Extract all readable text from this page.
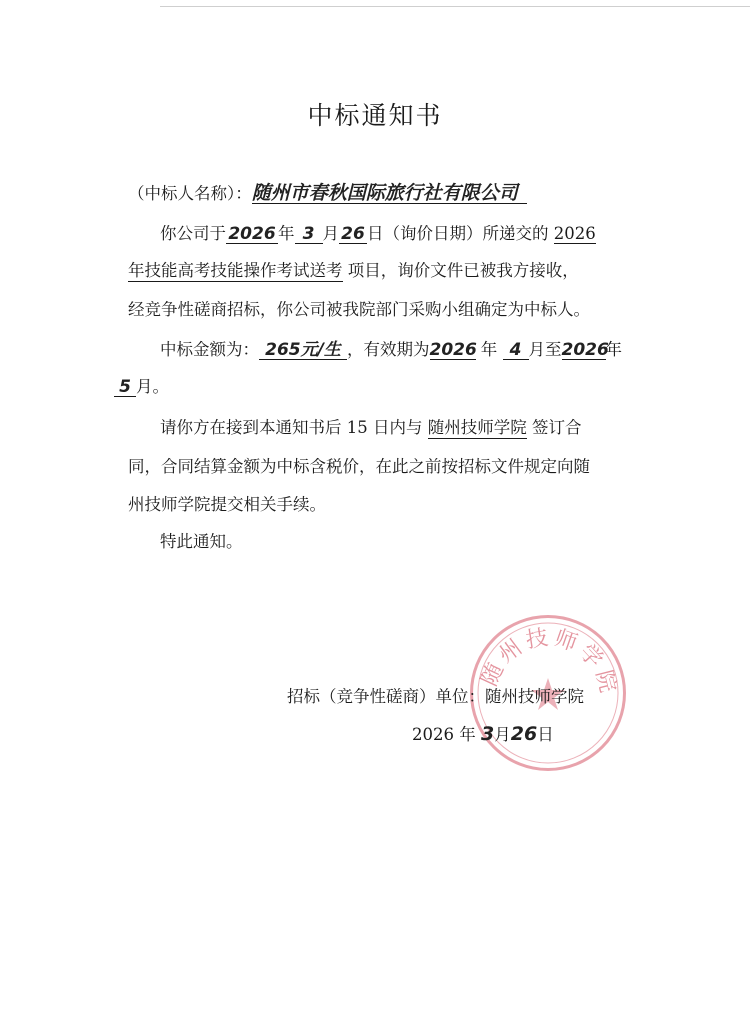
中标通知书
（中标人名称）：随州市春秋国际旅行社有限公司
你公司于 2026 年 3 月 26 日（询价日期）所递交的 2026
年技能高考技能操作考试送考 项目，询价文件已被我方接收，
经竞争性磋商招标，你公司被我院部门采购小组确定为中标人。
中标金额为： 265元/生 ，有效期为2026 年 4 月至2026年
5 月。
请你方在接到本通知书后 15 日内与 随州技师学院 签订合
同，合同结算金额为中标含税价，在此之前按招标文件规定向随
州技师学院提交相关手续。
特此通知。
随州技师学院
招标（竞争性磋商）单位：随州技师学院
2026 年 3月26日
